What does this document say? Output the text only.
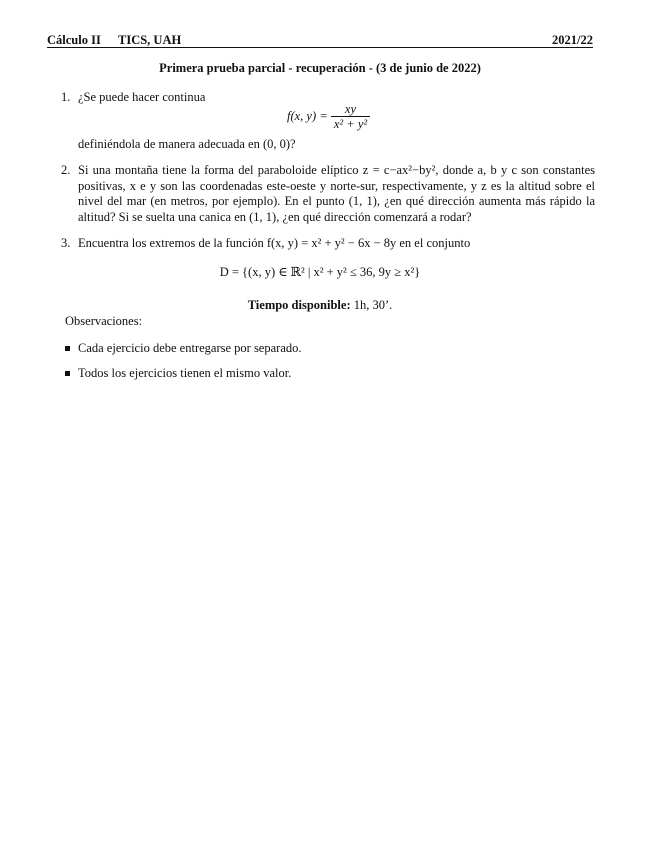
Cálculo II TICS, UAH	2021/22
Primera prueba parcial - recuperación - (3 de junio de 2022)
1. ¿Se puede hacer continua
f(x, $y) = \frac{xy}{\text{x² + y²}}$
definiéndola de manera adecuada en (0, 0)?
2. Si una montaña tiene la forma del paraboloide elíptico z = c−ax²−by², donde a, b y c son constantes positivas, x e y son las coordenadas este-oeste y norte-sur, respectivamente, y z es la altitud sobre el nivel del mar (en metros, por ejemplo). En el punto (1, 1), ¿en qué dirección aumenta más rápido la altitud? Si se suelta una canica en (1, 1), ¿en qué dirección comenzará a rodar?
3. Encuentra los extremos de la función f(x, y) = x² + y² − 6x − 8y en el conjunto
D = {(x, y) ∈ ℝ² | x² + y² ≤ 36, 9y ≥ x²}
Tiempo disponible: 1h, 30’.
Observaciones:
Cada ejercicio debe entregarse por separado.
Todos los ejercicios tienen el mismo valor.
